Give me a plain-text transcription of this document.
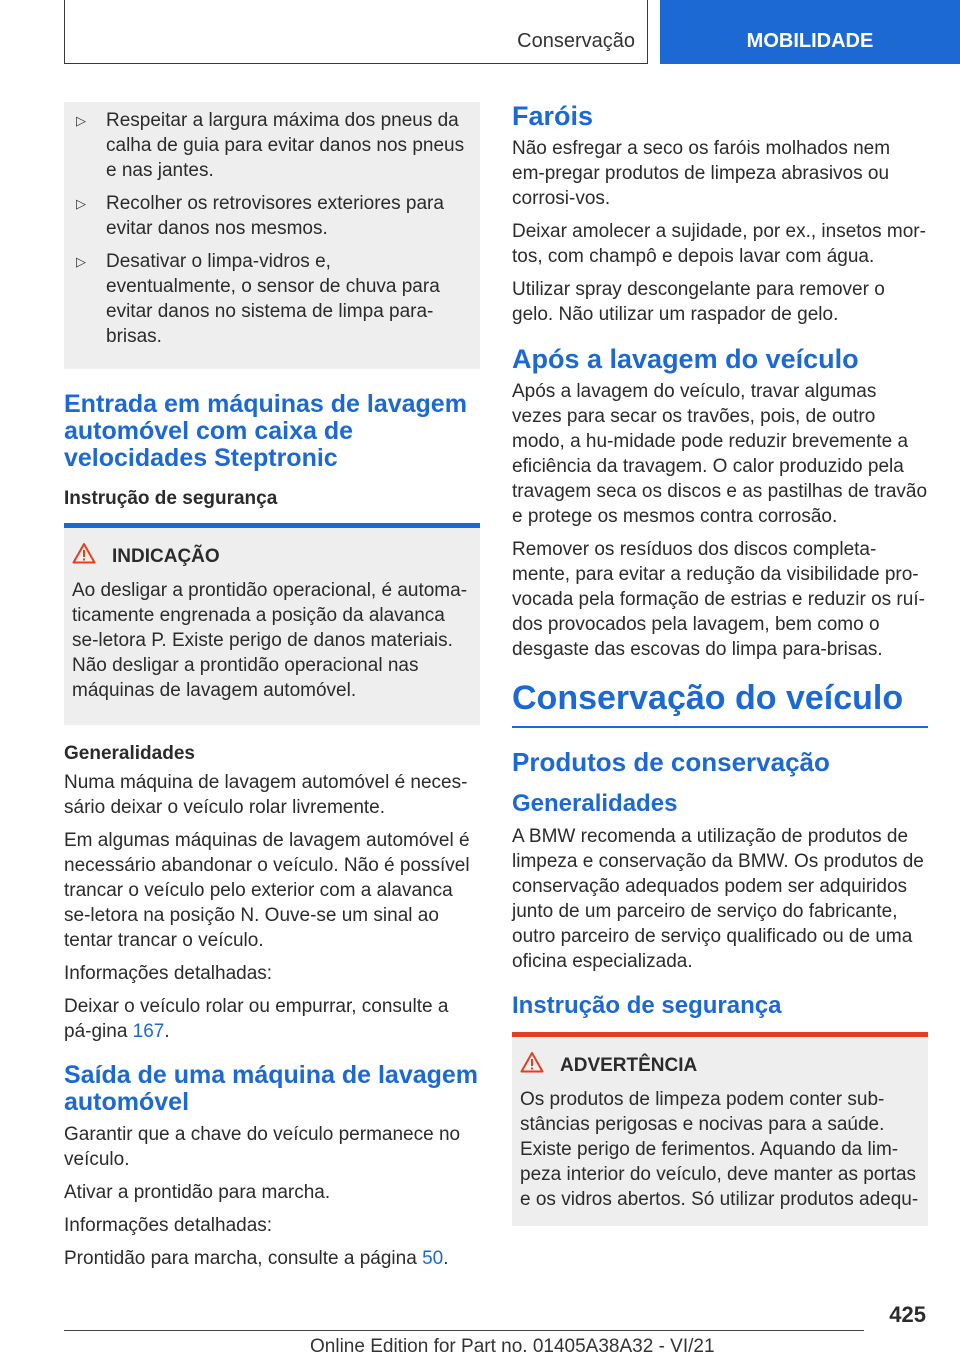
Conservação	MOBILIDADE
▷	Respeitar a largura máxima dos pneus da calha de guia para evitar danos nos pneus e nas jantes.
▷	Recolher os retrovisores exteriores para evitar danos nos mesmos.
▷	Desativar o limpa-vidros e, eventualmente, o sensor de chuva para evitar danos no sistema de limpa para-brisas.
Entrada em máquinas de lavagem automóvel com caixa de velocidades Steptronic
Instrução de segurança
INDICAÇÃO

Ao desligar a prontidão operacional, é automa-ticamente engrenada a posição da alavanca se-letora P. Existe perigo de danos materiais. Não desligar a prontidão operacional nas máquinas de lavagem automóvel.

Generalidades

Numa máquina de lavagem automóvel é neces-sário deixar o veículo rolar livremente.

Em algumas máquinas de lavagem automóvel é necessário abandonar o veículo. Não é possível trancar o veículo pelo exterior com a alavanca se-letora na posição N. Ouve-se um sinal ao tentar trancar o veículo.

Informações detalhadas:

Deixar o veículo rolar ou empurrar, consulte a pá-gina 167.

Saída de uma máquina de lavagem automóvel

Garantir que a chave do veículo permanece no veículo.

Ativar a prontidão para marcha.

Informações detalhadas:

Prontidão para marcha, consulte a página 50.

Faróis

Não esfregar a seco os faróis molhados nem em-pregar produtos de limpeza abrasivos ou corrosi-vos.

Deixar amolecer a sujidade, por ex., insetos mor-tos, com champô e depois lavar com água.

Utilizar spray descongelante para remover o gelo. Não utilizar um raspador de gelo.

Após a lavagem do veículo

Após a lavagem do veículo, travar algumas vezes para secar os travões, pois, de outro modo, a hu-midade pode reduzir brevemente a eficiência da travagem. O calor produzido pela travagem seca os discos e as pastilhas de travão e protege os mesmos contra corrosão.

Remover os resíduos dos discos completa-mente, para evitar a redução da visibilidade pro-vocada pela formação de estrias e reduzir os ruí-dos provocados pela lavagem, bem como o desgaste das escovas do limpa para-brisas.

Conservação do veículo
Produtos de conservação
Generalidades

A BMW recomenda a utilização de produtos de limpeza e conservação da BMW. Os produtos de conservação adequados podem ser adquiridos junto de um parceiro de serviço do fabricante, outro parceiro de serviço qualificado ou de uma oficina especializada.

Instrução de segurança
ADVERTÊNCIA

Os produtos de limpeza podem conter sub-stâncias perigosas e nocivas para a saúde. Existe perigo de ferimentos. Aquando da lim-peza interior do veículo, deve manter as portas e os vidros abertos. Só utilizar produtos adequ-

425
Online Edition for Part no. 01405A38A32 - VI/21
